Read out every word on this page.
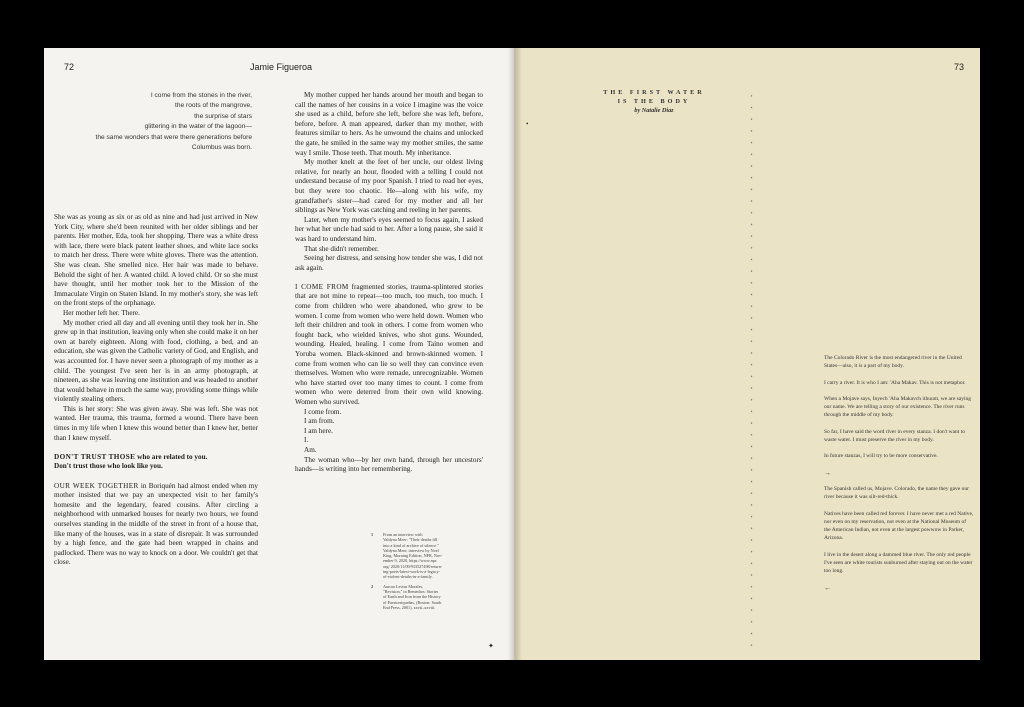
72	Jamie Figueroa
I come from the stones in the river,
the roots of the mangrove,
the surprise of stars
glittering in the water of the lagoon—
the same wonders that were there generations before
Columbus was born.

She was as young as six or as old as nine and had just arrived in New York City, where she'd been reunited with her older siblings and her parents. Her mother, Eda, took her shopping. There was a white dress with lace, there were black patent leather shoes, and white lace socks to match her dress. There were white gloves. There was the attention. She was clean. She smelled nice. Her hair was made to behave. Behold the sight of her. A wanted child. A loved child. Or so she must have thought, until her mother took her to the Mission of the Immaculate Virgin on Staten Island. In my mother's story, she was left on the front steps of the orphanage.

Her mother left her. There.

My mother cried all day and all evening until they took her in. She grew up in that institution, leaving only when she could make it on her own at barely eighteen. Along with food, clothing, a bed, and an education, she was given the Catholic variety of God, and English, and was accounted for. I have never seen a photograph of my mother as a child. The youngest I've seen her is in an army photograph, at nineteen, as she was leaving one institution and was headed to another that would behave in much the same way, providing some things while violently stealing others.

This is her story: She was given away. She was left. She was not wanted. Her trauma, this trauma, formed a wound. There have been times in my life when I knew this wound better than I knew her, better than I knew myself.

DON'T TRUST THOSE who are related to you.

Don't trust those who look like you.

OUR WEEK TOGETHER in Boriquén had almost ended when my mother insisted that we pay an unexpected visit to her family's homesite and the legendary, feared cousins. After circling a neighborhood with unmarked houses for nearly two hours, we found ourselves standing in the middle of the street in front of a house that, like many of the houses, was in a state of disrepair. It was surrounded by a high fence, and the gate had been wrapped in chains and padlocked. There was no way to knock on a door. We couldn't get that close.

My mother cupped her hands around her mouth and began to call the names of her cousins in a voice I imagine was the voice she used as a child, before she left, before she was left, before, before, before. A man appeared, darker than my mother, with features similar to hers. As he unwound the chains and unlocked the gate, he smiled in the same way my mother smiles, the same way I smile. Those teeth. That mouth. My inheritance.

My mother knelt at the feet of her uncle, our oldest living relative, for nearly an hour, flooded with a telling I could not understand because of my poor Spanish. I tried to read her eyes, but they were too chaotic. He—along with his wife, my grandfather's sister—had cared for my mother and all her siblings as New York was catching and reeling in her parents.

Later, when my mother's eyes seemed to focus again, I asked her what her uncle had said to her. After a long pause, she said it was hard to understand him.

That she didn't remember.

Seeing her distress, and sensing how tender she was, I did not ask again.

I COME FROM fragmented stories, trauma-splintered stories that are not mine to repeat—too much, too much, too much. I come from children who were abandoned, who grew to be women. I come from women who were held down. Women who left their children and took in others. I come from women who fought back, who wielded knives, who shot guns. Wounded, wounding. Healed, healing. I come from Taíno women and Yoruba women. Black-skinned and brown-skinned women. I come from women who can lie so well they can convince even themselves. Women who were remade, unrecognizable. Women who have started over too many times to count. I come from women who were deterred from their own wild knowing. Women who survived.

I come from.

I am from.

I am here.

I.

Am.

The woman who—by her own hand, through her uncestors' hands—is writing into her remembering.

1 From an interview with
Valdyna Meer: "Their deaths fill
into a kind of archive of silence."
Valdyna Meer, interview by Noel
King, Morning Edition, NPR, Nov-
ember 9, 2020, https://www.npr.
org/ 2020/11/09/933527498/return-
ing-poets-latest-work-is-a-legacy-
of-violent-deaths-in-a-family.
2 Aurora Levins Morales,
"Revision," in Remedios: Stories
of Earth and Iron from the History
of Puertorriqueñas, (Boston: South
End Press, 2001), xxvii–xxviii.
✦
73
•
THE FIRST WATER
IS THE BODY
by Natalie Diaz

The Colorado River is the most endangered river in the United States—also, it is a part of my body.

I carry a river. It is who I am: 'Aha Makav. This is not metaphor.

When a Mojave says, Inyech 'Aha Makavch ithuum, we are saying our name. We are telling a story of our existence. The river runs through the middle of my body.

So far, I have said the word river in every stanza. I don't want to waste water. I must preserve the river in my body.

In future stanzas, I will try to be more conservative.

→

The Spanish called us, Mojave. Colorado, the name they gave our river because it was silt-red-thick.

Natives have been called red forever. I have never met a red Native, nor even on my reservation, not even at the National Museum of the American Indian, not even at the largest powwow in Parker, Arizona.

I live in the desert along a dammed blue river. The only red people I've seen are white tourists sunburned after staying out on the water too long.

←
